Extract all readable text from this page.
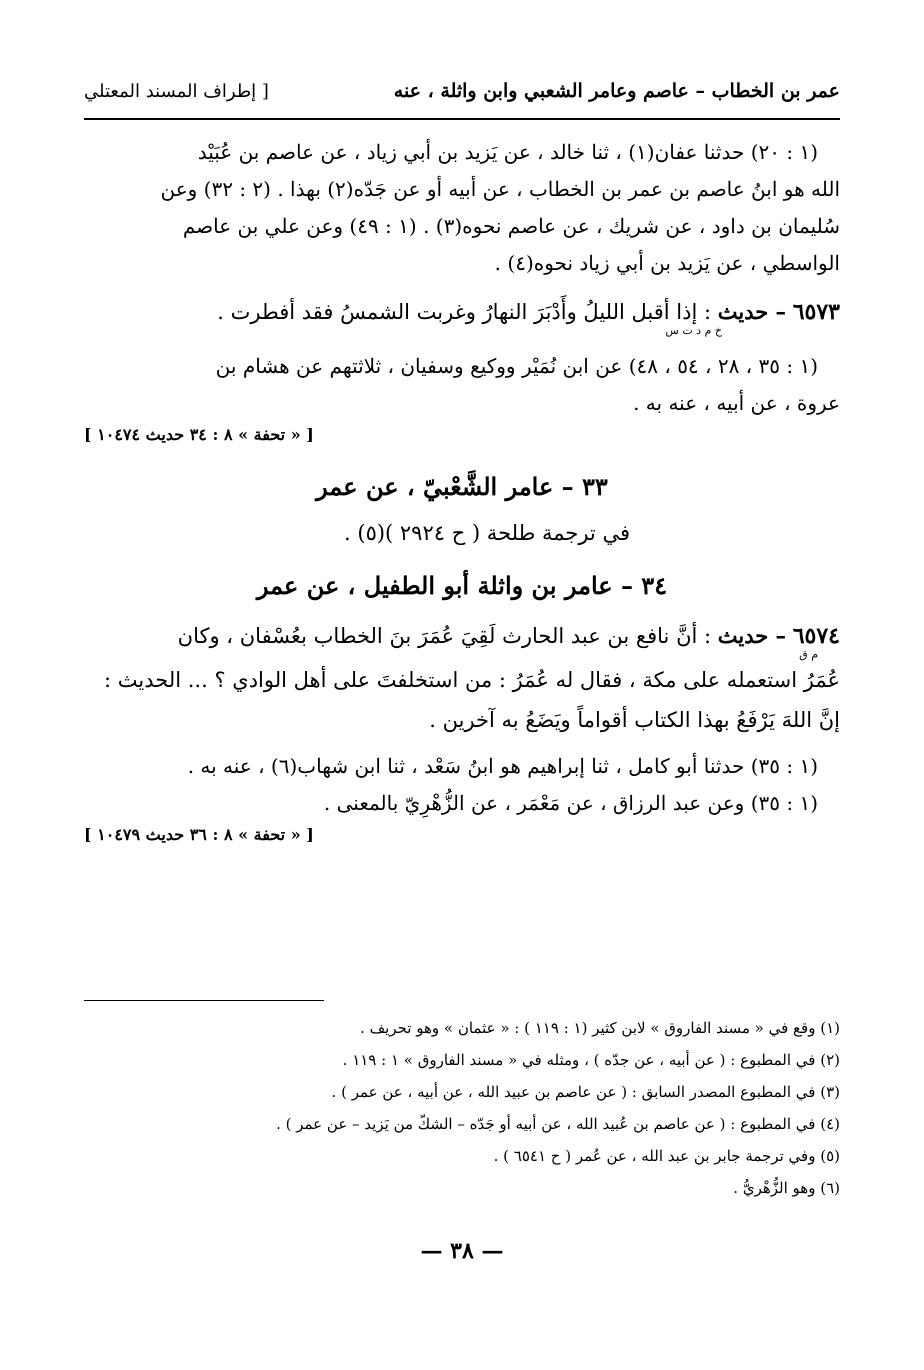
عمر بن الخطاب – عاصم وعامر الشعبي وابن واثلة ، عنه
[ إطراف المسند المعتلي

(١ : ٢٠) حدثنا عفان(١) ، ثنا خالد ، عن يَزيد بن أبي زياد ، عن عاصم بن عُبَيْد

الله هو ابنُ عاصم بن عمر بن الخطاب ، عن أبيه أو عن جَدّه(٢) بهذا . (٢ : ٣٢) وعن

سُليمان بن داود ، عن شريك ، عن عاصم نحوه(٣) . (١ : ٤٩) وعن علي بن عاصم

الواسطي ، عن يَزيد بن أبي زياد نحوه(٤) .

٦٥٧٣ – حديث : إذا أقبل الليلُ وأَدْبَرَ النهارُ وغربت الشمسُ فقد أفطرت .

خ م د ت س

(١ : ٣٥ ، ٢٨ ، ٥٤ ، ٤٨) عن ابن نُمَيْر ووكيع وسفيان ، ثلاثتهم عن هشام بن

عروة ، عن أبيه ، عنه به .

[ « تحفة » ٨ : ٣٤ حديث ١٠٤٧٤ ]

٣٣ – عامر الشَّعْبيّ ، عن عمر

في ترجمة طلحة ( ح ٢٩٢٤ )(٥) .

٣٤ – عامر بن واثلة أبو الطفيل ، عن عمر

٦٥٧٤ – حديث : أنَّ نافع بن عبد الحارث لَقِيَ عُمَرَ بنَ الخطاب بعُسْفان ، وكان

م ق

عُمَرُ استعمله على مكة ، فقال له عُمَرُ : من استخلفتَ على أهل الوادي ؟ ... الحديث :

إنَّ اللهَ يَرْفَعُ بهذا الكتاب أقواماً ويَضَعُ به آخرين .

(١ : ٣٥) حدثنا أبو كامل ، ثنا إبراهيم هو ابنُ سَعْد ، ثنا ابن شهاب(٦) ، عنه به .

(١ : ٣٥) وعن عبد الرزاق ، عن مَعْمَر ، عن الزُّهْرِيّ بالمعنى .

[ « تحفة » ٨ : ٣٦ حديث ١٠٤٧٩ ]

(١) وقع في « مسند الفاروق » لابن كثير (١ : ١١٩ ) : « عثمان » وهو تحريف .
(٢) في المطبوع : ( عن أبيه ، عن جدّه ) ، ومثله في « مسند الفاروق » ١ : ١١٩ .
(٣) في المطبوع المصدر السابق : ( عن عاصم بن عبيد الله ، عن أبيه ، عن عمر ) .
(٤) في المطبوع : ( عن عاصم بن عُبيد الله ، عن أبيه أو جَدّه – الشكّ من يَزيد – عن عمر ) .
(٥) وفي ترجمة جابر بن عبد الله ، عن عُمر ( ح ٦٥٤١ ) .
(٦) وهو الزُّهْريُّ .
— ٣٨ —
